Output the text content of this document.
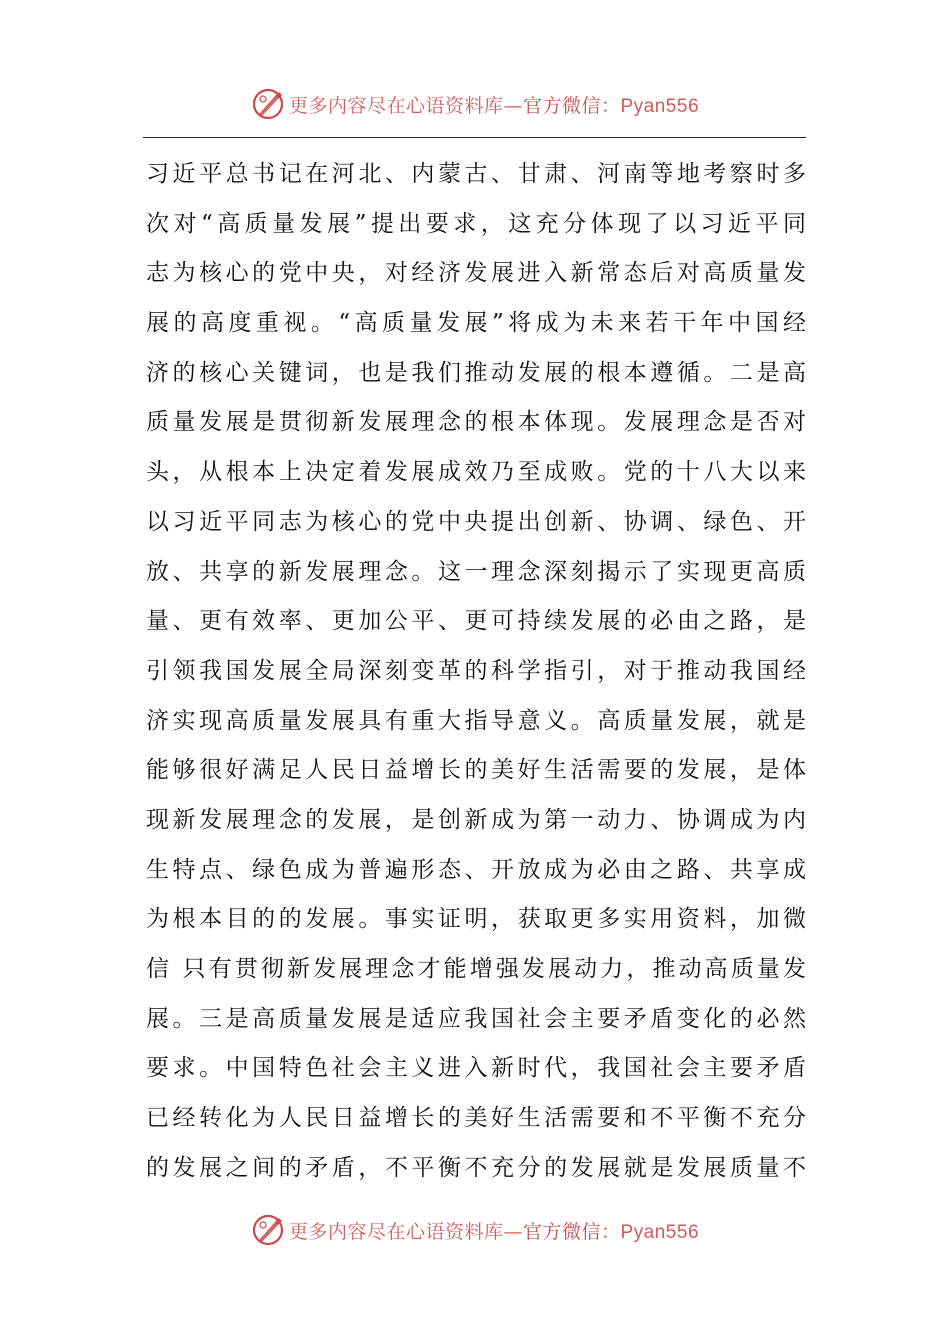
更多内容尽在心语资料库—官方微信：Pyan556
习近平总书记在河北、内蒙古、甘肃、河南等地考察时多
次对“高质量发展”提出要求，这充分体现了以习近平同
志为核心的党中央，对经济发展进入新常态后对高质量发
展的高度重视。“高质量发展”将成为未来若干年中国经
济的核心关键词，也是我们推动发展的根本遵循。二是高
质量发展是贯彻新发展理念的根本体现。发展理念是否对
头，从根本上决定着发展成效乃至成败。党的十八大以来
以习近平同志为核心的党中央提出创新、协调、绿色、开
放、共享的新发展理念。这一理念深刻揭示了实现更高质
量、更有效率、更加公平、更可持续发展的必由之路，是
引领我国发展全局深刻变革的科学指引，对于推动我国经
济实现高质量发展具有重大指导意义。高质量发展，就是
能够很好满足人民日益增长的美好生活需要的发展，是体
现新发展理念的发展，是创新成为第一动力、协调成为内
生特点、绿色成为普遍形态、开放成为必由之路、共享成
为根本目的的发展。事实证明，获取更多实用资料，加微
信 只有贯彻新发展理念才能增强发展动力，推动高质量发
展。三是高质量发展是适应我国社会主要矛盾变化的必然
要求。中国特色社会主义进入新时代，我国社会主要矛盾
已经转化为人民日益增长的美好生活需要和不平衡不充分
的发展之间的矛盾，不平衡不充分的发展就是发展质量不
更多内容尽在心语资料库—官方微信：Pyan556
